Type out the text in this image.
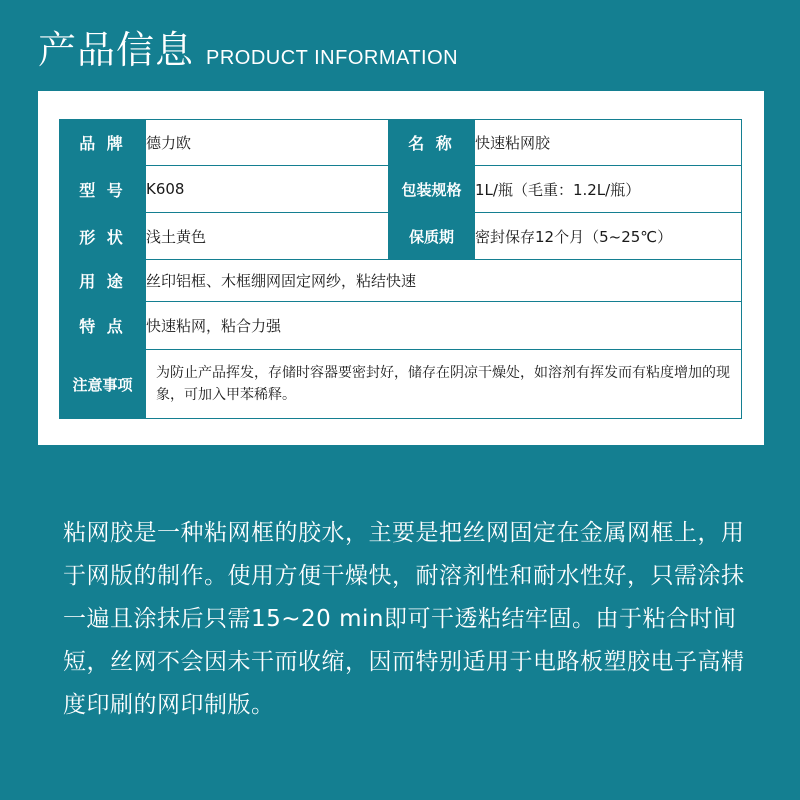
产品信息 PRODUCT INFORMATION
品 牌	德力欧	名 称	快速粘网胶
型 号	K608	包装规格	1L/瓶（毛重：1.2L/瓶）
形 状	浅土黄色	保质期	密封保存12个月（5~25℃）
用 途	丝印铝框、木框绷网固定网纱，粘结快速		
特 点	快速粘网，粘合力强		
注意事项	为防止产品挥发，存储时容器要密封好，储存在阴凉干燥处，如溶剂有挥发而有粘度增加的现象，可加入甲苯稀释。		
粘网胶是一种粘网框的胶水，主要是把丝网固定在金属网框上，用于网版的制作。使用方便干燥快，耐溶剂性和耐水性好，只需涂抹一遍且涂抹后只需15~20 min即可干透粘结牢固。由于粘合时间短，丝网不会因未干而收缩，因而特别适用于电路板塑胶电子高精度印刷的网印制版。
